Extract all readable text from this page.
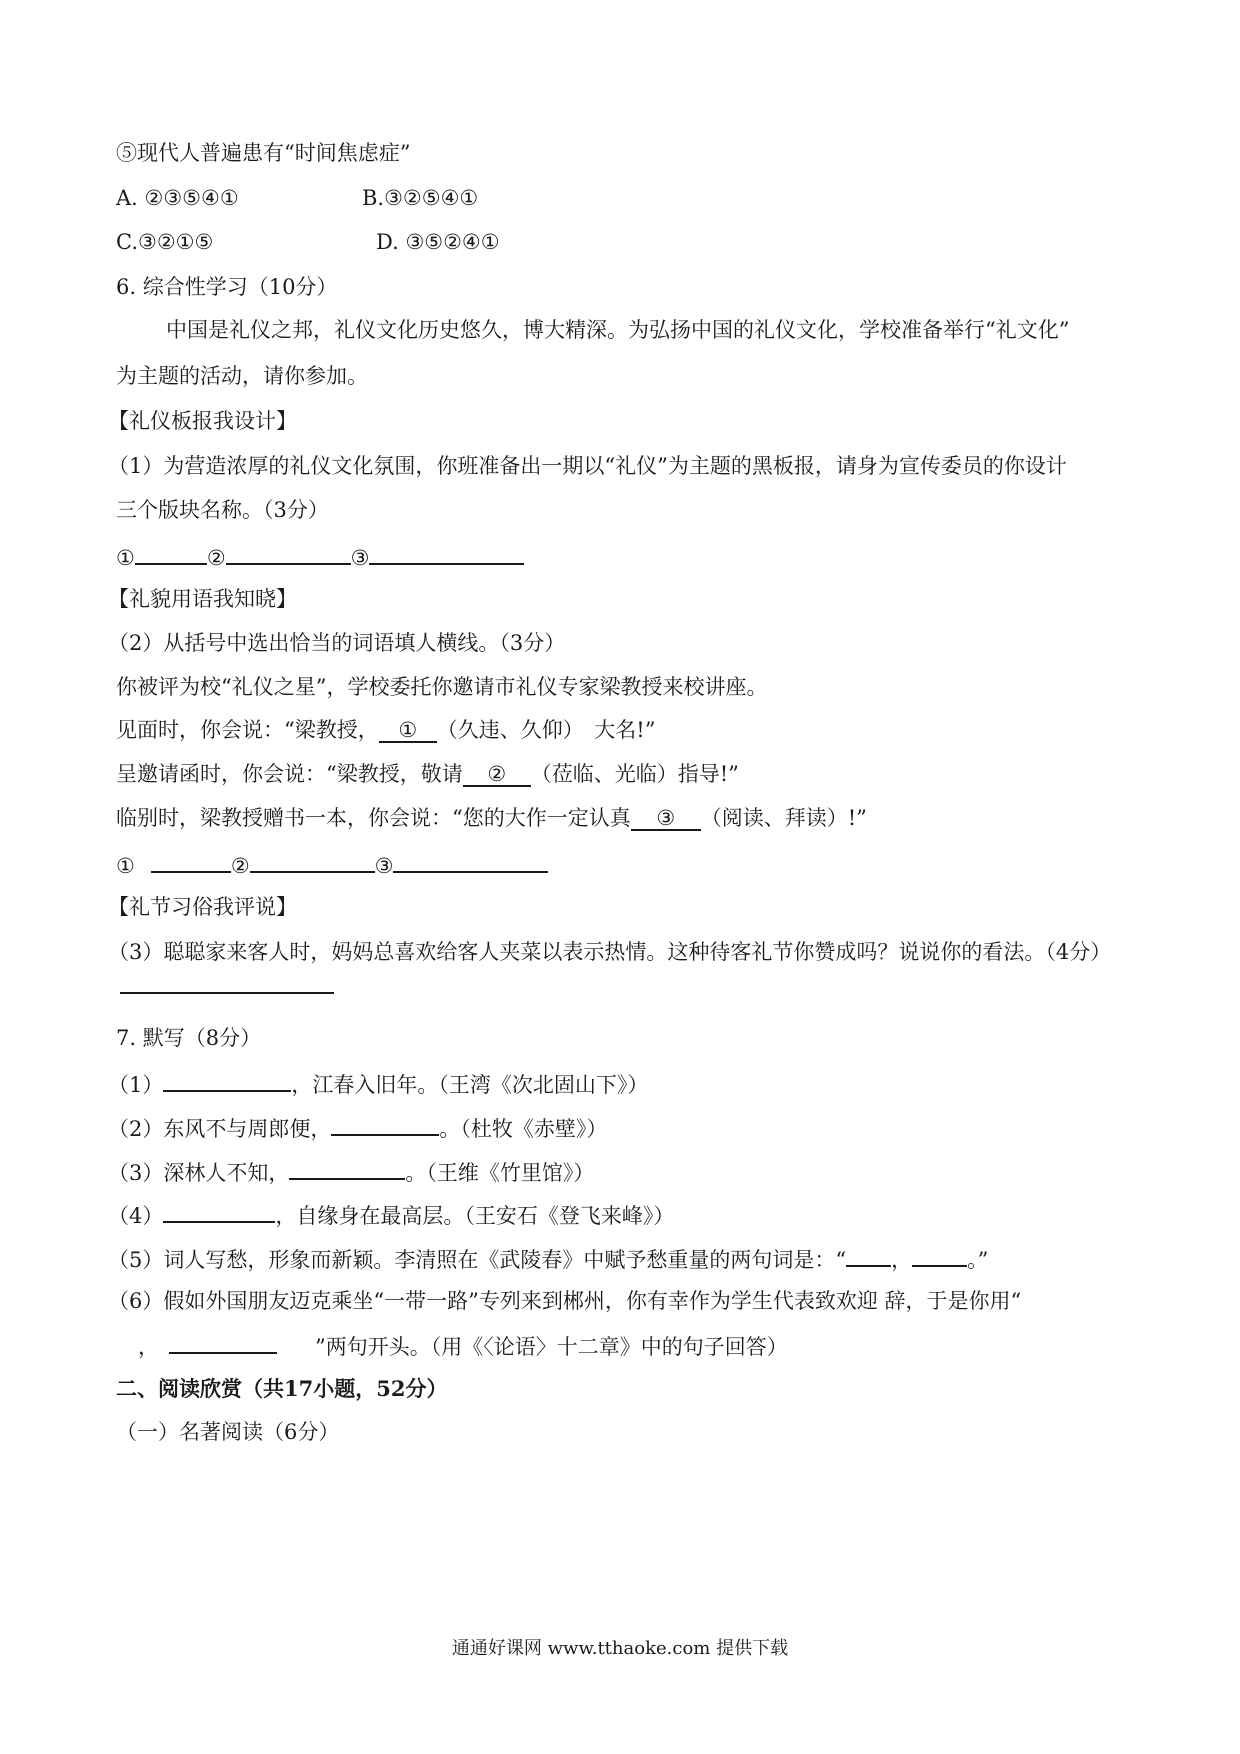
⑤现代人普遍患有“时间焦虑症”
A. ②③⑤④①	B.③②⑤④①
C.③②①⑤	D. ③⑤②④①
6. 综合性学习（10分）
中国是礼仪之邦，礼仪文化历史悠久，博大精深。为弘扬中国的礼仪文化，学校准备举行“礼文化”
为主题的活动，请你参加。
【礼仪板报我设计】
（1）为营造浓厚的礼仪文化氛围，你班准备出一期以“礼仪”为主题的黑板报，请身为宣传委员的你设计
三个版块名称。（3分）
①	②	③
【礼貌用语我知晓】
（2）从括号中选出恰当的词语填人横线。（3分）
你被评为校“礼仪之星”，学校委托你邀请市礼仪专家梁教授来校讲座。
见面时，你会说：“梁教授， ① （久违、久仰）　大名!”
呈邀请函时，你会说：“梁教授，敬请 ② （莅临、光临）指导!”
临别时，梁教授赠书一本，你会说：“您的大作一定认真 ③ （阅读、拜读）!”
①	②	③
【礼节习俗我评说】
（3）聪聪家来客人时，妈妈总喜欢给客人夹菜以表示热情。这种待客礼节你赞成吗？说说你的看法。（4分）
7. 默写（8分）
（1）	，江春入旧年。（王湾《次北固山下》）
（2）东风不与周郎便，	。（杜牧《赤壁》）
（3）深林人不知，	。（王维《竹里馆》）
（4）	，自缘身在最高层。（王安石《登飞来峰》）
（5）词人写愁，形象而新颖。李清照在《武陵春》中赋予愁重量的两句词是：“ ，	。”
（6）假如外国朋友迈克乘坐“一带一路”专列来到郴州，你有幸作为学生代表致欢迎 辞，于是你用“
，	”两句开头。（用《〈论语〉十二章》中的句子回答）
二、阅读欣赏（共17小题，52分）
（一）名著阅读（6分）
通通好课网 www.tthaoke.com 提供下载
